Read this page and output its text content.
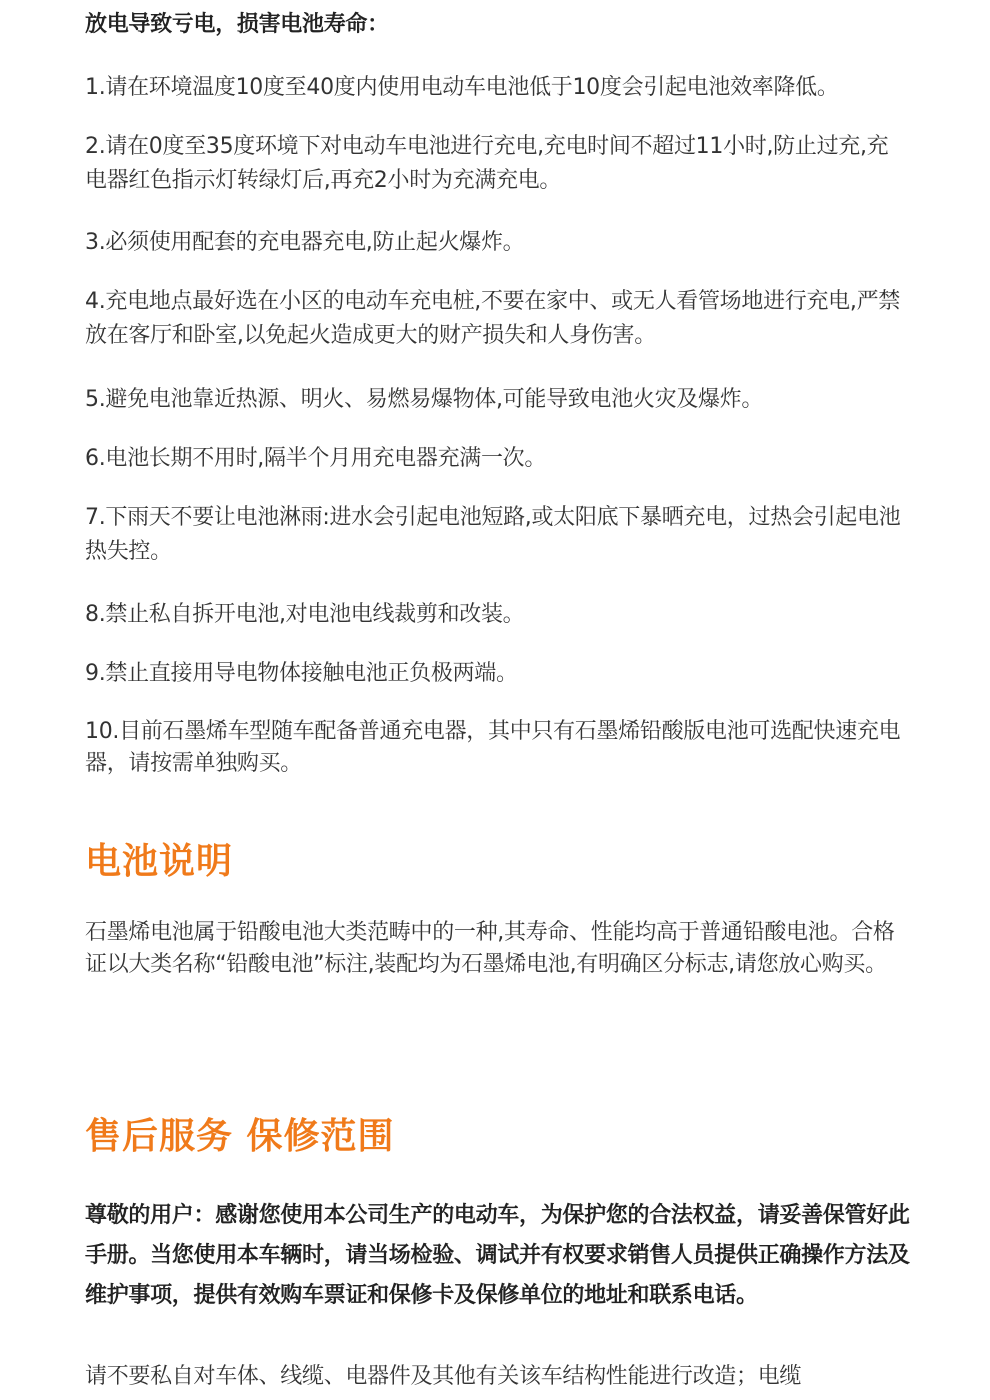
放电导致亏电，损害电池寿命：
1.请在环境温度10度至40度内使用电动车电池低于10度会引起电池效率降低。
2.请在0度至35度环境下对电动车电池进行充电,充电时间不超过11小时,防止过充,充电器红色指示灯转绿灯后,再充2小时为充满充电。
3.必须使用配套的充电器充电,防止起火爆炸。
4.充电地点最好选在小区的电动车充电桩,不要在家中、或无人看管场地进行充电,严禁放在客厅和卧室,以免起火造成更大的财产损失和人身伤害。
5.避免电池靠近热源、明火、易燃易爆物体,可能导致电池火灾及爆炸。
6.电池长期不用时,隔半个月用充电器充满一次。
7.下雨天不要让电池淋雨:进水会引起电池短路,或太阳底下暴晒充电，过热会引起电池热失控。
8.禁止私自拆开电池,对电池电线裁剪和改装。
9.禁止直接用导电物体接触电池正负极两端。
10.目前石墨烯车型随车配备普通充电器，其中只有石墨烯铅酸版电池可选配快速充电器，请按需单独购买。
电池说明
石墨烯电池属于铅酸电池大类范畴中的一种,其寿命、性能均高于普通铅酸电池。合格证以大类名称“铅酸电池”标注,装配均为石墨烯电池,有明确区分标志,请您放心购买。
售后服务 保修范围
尊敬的用户：感谢您使用本公司生产的电动车，为保护您的合法权益，请妥善保管好此手册。当您使用本车辆时，请当场检验、调试并有权要求销售人员提供正确操作方法及维护事项，提供有效购车票证和保修卡及保修单位的地址和联系电话。
请不要私自对车体、线缆、电器件及其他有关该车结构性能进行改造；电缆
